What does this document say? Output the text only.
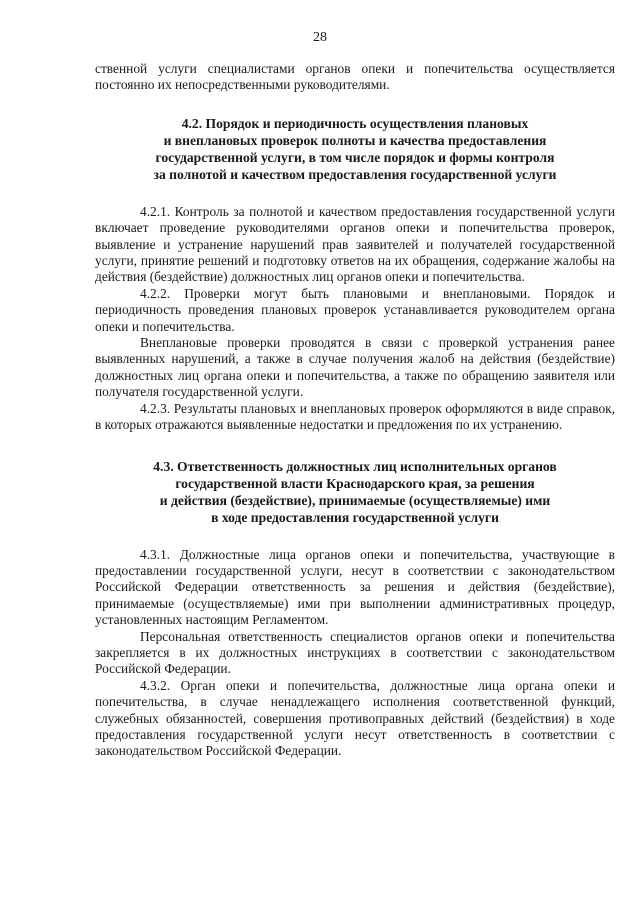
28

ственной услуги специалистами органов опеки и попечительства осуществляется постоянно их непосредственными руководителями.

4.2. Порядок и периодичность осуществления плановых

и внеплановых проверок полноты и качества предоставления

государственной услуги, в том числе порядок и формы контроля

за полнотой и качеством предоставления государственной услуги

4.2.1. Контроль за полнотой и качеством предоставления государственной услуги включает проведение руководителями органов опеки и попечительства проверок, выявление и устранение нарушений прав заявителей и получателей государственной услуги, принятие решений и подготовку ответов на их обращения, содержание жалобы на действия (бездействие) должностных лиц органов опеки и попечительства.

4.2.2. Проверки могут быть плановыми и внеплановыми. Порядок и периодичность проведения плановых проверок устанавливается руководителем органа опеки и попечительства.

Внеплановые проверки проводятся в связи с проверкой устранения ранее выявленных нарушений, а также в случае получения жалоб на действия (бездействие) должностных лиц органа опеки и попечительства, а также по обращению заявителя или получателя государственной услуги.

4.2.3. Результаты плановых и внеплановых проверок оформляются в виде справок, в которых отражаются выявленные недостатки и предложения по их устранению.

4.3. Ответственность должностных лиц исполнительных органов

государственной власти Краснодарского края, за решения

и действия (бездействие), принимаемые (осуществляемые) ими

в ходе предоставления государственной услуги

4.3.1. Должностные лица органов опеки и попечительства, участвующие в предоставлении государственной услуги, несут в соответствии с законодательством Российской Федерации ответственность за решения и действия (бездействие), принимаемые (осуществляемые) ими при выполнении административных процедур, установленных настоящим Регламентом.

Персональная ответственность специалистов органов опеки и попечительства закрепляется в их должностных инструкциях в соответствии с законодательством Российской Федерации.

4.3.2. Орган опеки и попечительства, должностные лица органа опеки и попечительства, в случае ненадлежащего исполнения соответственной функций, служебных обязанностей, совершения противоправных действий (бездействия) в ходе предоставления государственной услуги несут ответственность в соответствии с законодательством Российской Федерации.
